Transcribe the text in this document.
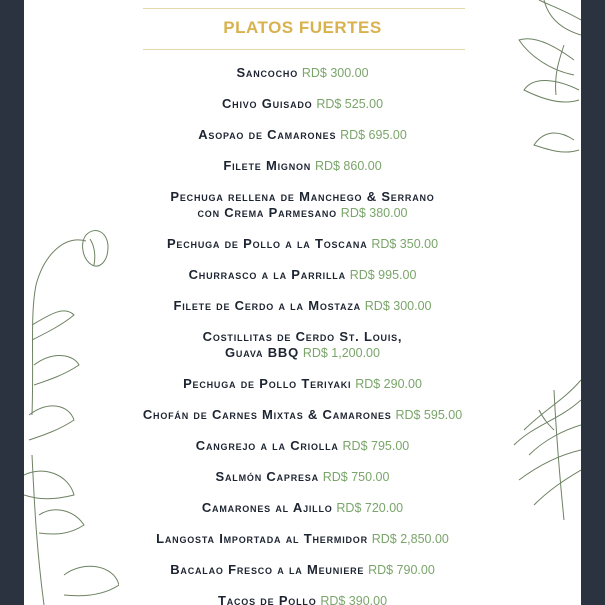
PLATOS FUERTES
Sancocho RD$ 300.00
Chivo Guisado RD$ 525.00
Asopao de Camarones RD$ 695.00
Filete Mignon RD$ 860.00
Pechuga rellena de Manchego & Serrano
con Crema Parmesano RD$ 380.00
Pechuga de Pollo a la Toscana RD$ 350.00
Churrasco a la Parrilla RD$ 995.00
Filete de Cerdo a la Mostaza RD$ 300.00
Costillitas de Cerdo St. Louis,
Guava BBQ RD$ 1,200.00
Pechuga de Pollo Teriyaki RD$ 290.00
Chofán de Carnes Mixtas & Camarones RD$ 595.00
Cangrejo a la Criolla RD$ 795.00
Salmón Capresa RD$ 750.00
Camarones al Ajillo RD$ 720.00
Langosta Importada al Thermidor RD$ 2,850.00
Bacalao Fresco a la Meuniere RD$ 790.00
Tacos de Pollo RD$ 390.00
